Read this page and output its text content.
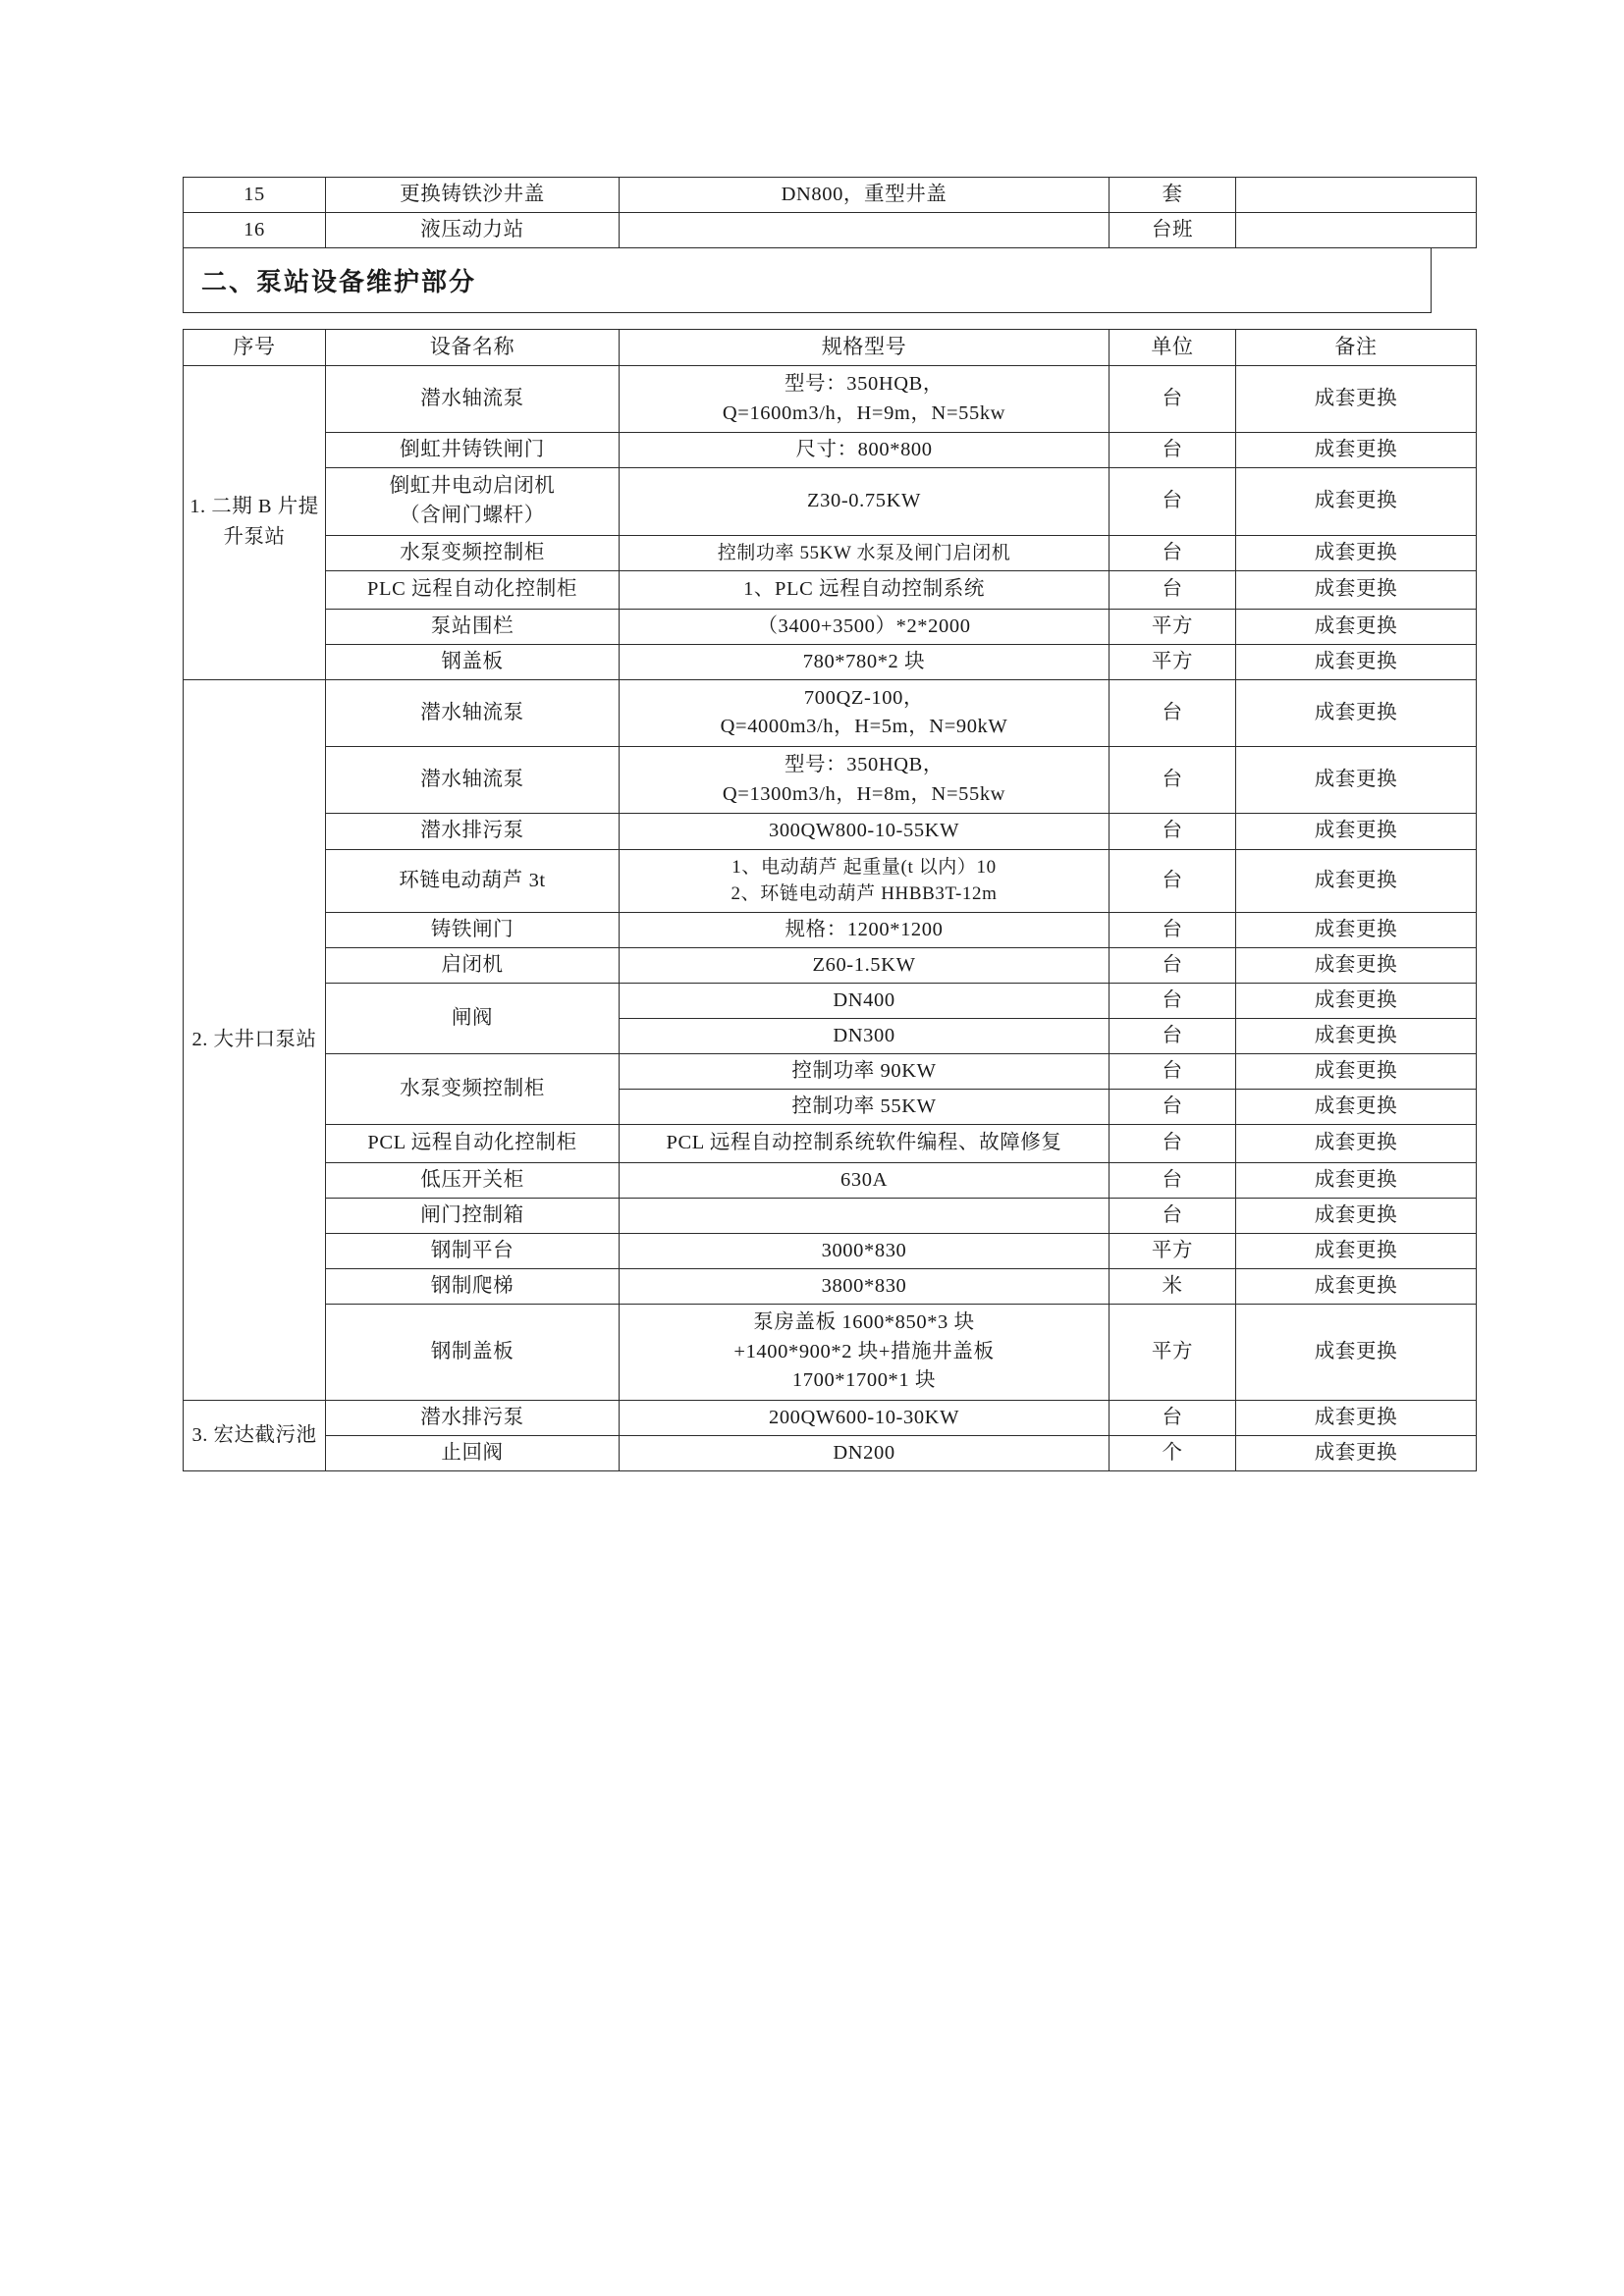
15	更换铸铁沙井盖	DN800，重型井盖	套	
16	液压动力站		台班	
二、泵站设备维护部分
序号	设备名称	规格型号	单位	备注
1. 二期 B 片提升泵站	潜水轴流泵	型号：350HQB，
Q=1600m3/h，H=9m，N=55kw	台	成套更换
	倒虹井铸铁闸门	尺寸：800*800	台	成套更换
	倒虹井电动启闭机
（含闸门螺杆）	Z30-0.75KW	台	成套更换
	水泵变频控制柜	控制功率 55KW 水泵及闸门启闭机	台	成套更换
	PLC 远程自动化控制柜	1、PLC 远程自动控制系统	台	成套更换
	泵站围栏	（3400+3500）*2*2000	平方	成套更换
	钢盖板	780*780*2 块	平方	成套更换
2. 大井口泵站	潜水轴流泵	700QZ-100，
Q=4000m3/h，H=5m，N=90kW	台	成套更换
	潜水轴流泵	型号：350HQB，
Q=1300m3/h，H=8m，N=55kw	台	成套更换
	潜水排污泵	300QW800-10-55KW	台	成套更换
	环链电动葫芦 3t	1、电动葫芦 起重量(t 以内）10
2、环链电动葫芦 HHBB3T-12m	台	成套更换
	铸铁闸门	规格：1200*1200	台	成套更换
	启闭机	Z60-1.5KW	台	成套更换
	闸阀	DN400	台	成套更换
		DN300	台	成套更换
	水泵变频控制柜	控制功率 90KW	台	成套更换
		控制功率 55KW	台	成套更换
	PCL 远程自动化控制柜	PCL 远程自动控制系统软件编程、故障修复	台	成套更换
	低压开关柜	630A	台	成套更换
	闸门控制箱		台	成套更换
	钢制平台	3000*830	平方	成套更换
	钢制爬梯	3800*830	米	成套更换
	钢制盖板	泵房盖板 1600*850*3 块
+1400*900*2 块+措施井盖板
1700*1700*1 块	平方	成套更换
3. 宏达截污池	潜水排污泵	200QW600-10-30KW	台	成套更换
	止回阀	DN200	个	成套更换
